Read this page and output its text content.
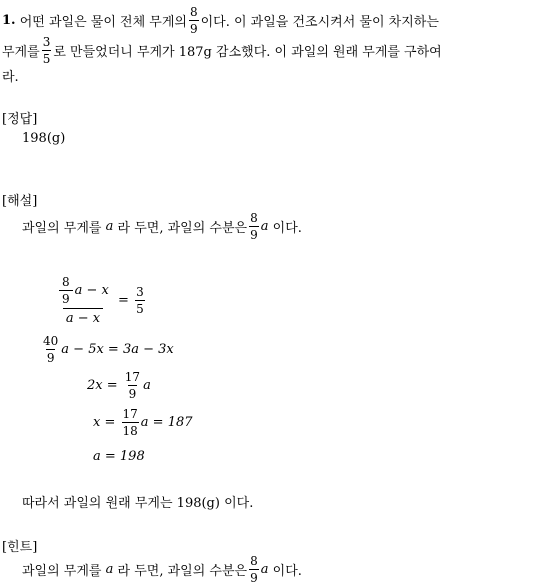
1.
어떤 과일은 물이 전체 무게의 $\frac{8}{9}$ 이다. 이 과일을 건조시켜서 물이 차지하는
무게를 $\frac{3}{5}$ 로 만들었더니 무게가 187g 감소했다. 이 과일의 원래 무게를 구하여
라.
[정답]
198(g)
[해설]
과일의 무게를
a
라 두면, 과일의 수분은 $\frac{8}{9}$ a
이다.
$\frac{\frac{8}{9} a - x}{a - x} = \frac{3}{5}$
$\frac{40}{9}$ a − 5x = 3a − 3x
2x =
$\frac{17}{9}$ a
x =
$\frac{17}{18}$ a = 187
a = 198
따라서 과일의 원래 무게는 198(g) 이다.
[힌트]
과일의 무게를
a
라 두면, 과일의 수분은 $\frac{8}{9}$ a
이다.
